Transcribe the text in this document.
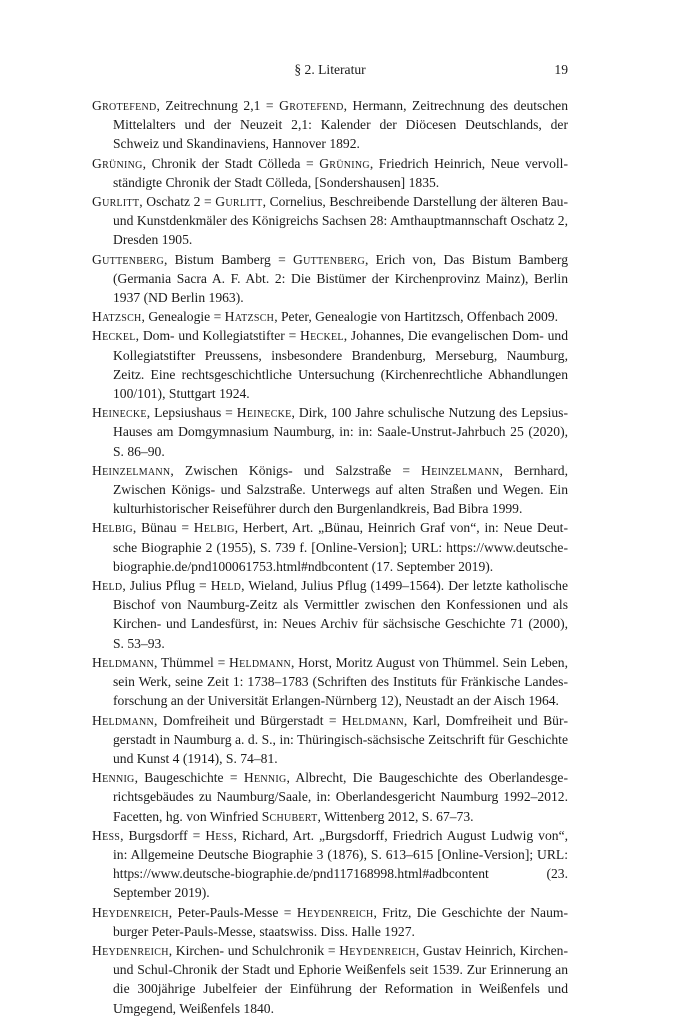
§ 2. Literatur	19
Grotefend, Zeitrechnung 2,1 = Grotefend, Hermann, Zeitrechnung des deutschen Mittelalters und der Neuzeit 2,1: Kalender der Diöcesen Deutschlands, der Schweiz und Skandinaviens, Hannover 1892.
Grüning, Chronik der Stadt Cölleda = Grüning, Friedrich Heinrich, Neue vervollständigte Chronik der Stadt Cölleda, [Sondershausen] 1835.
Gurlitt, Oschatz 2 = Gurlitt, Cornelius, Beschreibende Darstellung der älteren Bau- und Kunstdenkmäler des Königreichs Sachsen 28: Amthauptmannschaft Oschatz 2, Dresden 1905.
Guttenberg, Bistum Bamberg = Guttenberg, Erich von, Das Bistum Bamberg (Germania Sacra A. F. Abt. 2: Die Bistümer der Kirchenprovinz Mainz), Berlin 1937 (ND Berlin 1963).
Hatzsch, Genealogie = Hatzsch, Peter, Genealogie von Hartitzsch, Offenbach 2009.
Heckel, Dom- und Kollegiatstifter = Heckel, Johannes, Die evangelischen Dom- und Kollegiatstifter Preussens, insbesondere Brandenburg, Merseburg, Naumburg, Zeitz. Eine rechtsgeschichtliche Untersuchung (Kirchenrechtliche Abhandlungen 100/101), Stuttgart 1924.
Heinecke, Lepsiushaus = Heinecke, Dirk, 100 Jahre schulische Nutzung des Lepsius-Hauses am Domgymnasium Naumburg, in: in: Saale-Unstrut-Jahrbuch 25 (2020), S. 86–90.
Heinzelmann, Zwischen Königs- und Salzstraße = Heinzelmann, Bernhard, Zwischen Königs- und Salzstraße. Unterwegs auf alten Straßen und Wegen. Ein kulturhistorischer Reiseführer durch den Burgenlandkreis, Bad Bibra 1999.
Helbig, Bünau = Helbig, Herbert, Art. „Bünau, Heinrich Graf von“, in: Neue Deutsche Biographie 2 (1955), S. 739 f. [Online-Version]; URL: https://www.deutsche-biographie.de/pnd100061753.html#ndbcontent (17. September 2019).
Held, Julius Pflug = Held, Wieland, Julius Pflug (1499–1564). Der letzte katholische Bischof von Naumburg-Zeitz als Vermittler zwischen den Konfessionen und als Kirchen- und Landesfürst, in: Neues Archiv für sächsische Geschichte 71 (2000), S. 53–93.
Heldmann, Thümmel = Heldmann, Horst, Moritz August von Thümmel. Sein Leben, sein Werk, seine Zeit 1: 1738–1783 (Schriften des Instituts für Fränkische Landesforschung an der Universität Erlangen-Nürnberg 12), Neustadt an der Aisch 1964.
Heldmann, Domfreiheit und Bürgerstadt = Heldmann, Karl, Domfreiheit und Bürgerstadt in Naumburg a. d. S., in: Thüringisch-sächsische Zeitschrift für Geschichte und Kunst 4 (1914), S. 74–81.
Hennig, Baugeschichte = Hennig, Albrecht, Die Baugeschichte des Oberlandesgerichtsgebäudes zu Naumburg/Saale, in: Oberlandesgericht Naumburg 1992–2012. Facetten, hg. von Winfried Schubert, Wittenberg 2012, S. 67–73.
Hess, Burgsdorff = Hess, Richard, Art. „Burgsdorff, Friedrich August Ludwig von“, in: Allgemeine Deutsche Biographie 3 (1876), S. 613–615 [Online-Version]; URL: https://www.deutsche-biographie.de/pnd117168998.html#adbcontent (23. September 2019).
Heydenreich, Peter-Pauls-Messe = Heydenreich, Fritz, Die Geschichte der Naumburger Peter-Pauls-Messe, staatswiss. Diss. Halle 1927.
Heydenreich, Kirchen- und Schulchronik = Heydenreich, Gustav Heinrich, Kirchen- und Schul-Chronik der Stadt und Ephorie Weißenfels seit 1539. Zur Erinnerung an die 300jährige Jubelfeier der Einführung der Reformation in Weißenfels und Umgegend, Weißenfels 1840.
